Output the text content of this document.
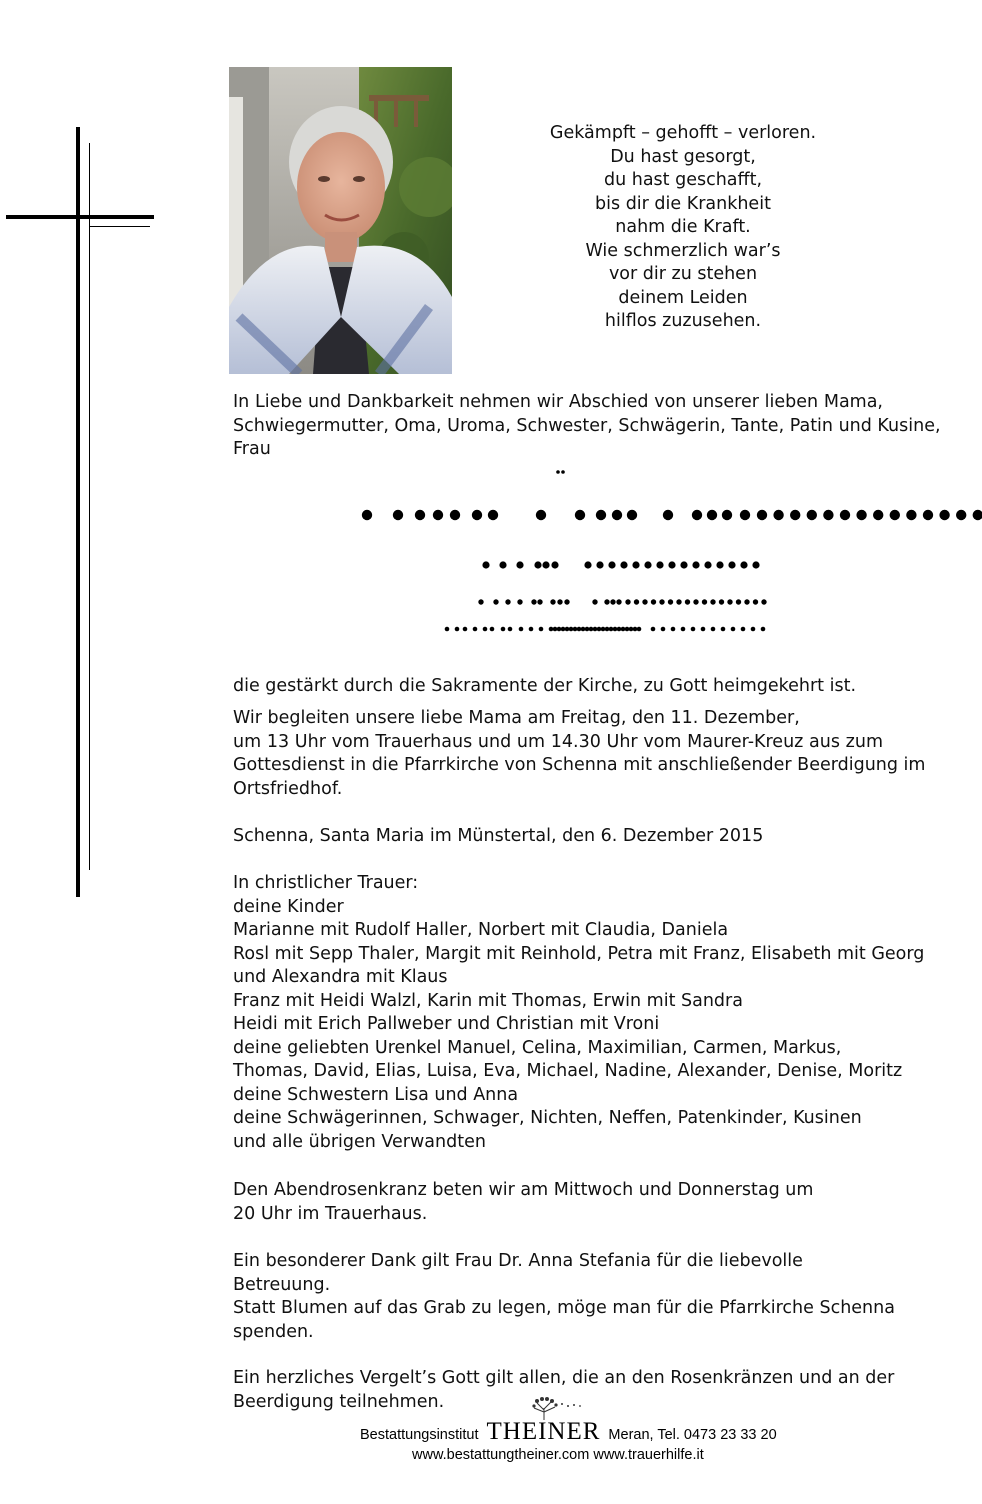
Gekämpft – gehofft – verloren.
Du hast gesorgt,
du hast geschafft,
bis dir die Krankheit
nahm die Kraft.
Wie schmerzlich war’s
vor dir zu stehen
deinem Leiden
hilflos zuzusehen.
In Liebe und Dankbarkeit nehmen wir Abschied von unserer lieben Mama,
Schwiegermutter, Oma, Uroma, Schwester, Schwägerin, Tante, Patin und Kusine,
Frau
die gestärkt durch die Sakramente der Kirche, zu Gott heimgekehrt ist.
Wir begleiten unsere liebe Mama am Freitag, den 11. Dezember,
um 13 Uhr vom Trauerhaus und um 14.30 Uhr vom Maurer-Kreuz aus zum
Gottesdienst in die Pfarrkirche von Schenna mit anschließender Beerdigung im
Ortsfriedhof.
Schenna, Santa Maria im Münstertal, den 6. Dezember 2015
In christlicher Trauer:
deine Kinder
Marianne mit Rudolf Haller, Norbert mit Claudia, Daniela
Rosl mit Sepp Thaler, Margit mit Reinhold, Petra mit Franz, Elisabeth mit Georg
und Alexandra mit Klaus
Franz mit Heidi Walzl, Karin mit Thomas, Erwin mit Sandra
Heidi mit Erich Pallweber und Christian mit Vroni
deine geliebten Urenkel Manuel, Celina, Maximilian, Carmen, Markus,
Thomas, David, Elias, Luisa, Eva, Michael, Nadine, Alexander, Denise, Moritz
deine Schwestern Lisa und Anna
deine Schwägerinnen, Schwager, Nichten, Neffen, Patenkinder, Kusinen
und alle übrigen Verwandten
Den Abendrosenkranz beten wir am Mittwoch und Donnerstag um
20 Uhr im Trauerhaus.
Ein besonderer Dank gilt Frau Dr. Anna Stefania für die liebevolle Betreuung.
Statt Blumen auf das Grab zu legen, möge man für die Pfarrkirche Schenna
spenden.
Ein herzliches Vergelt’s Gott gilt allen, die an den Rosenkränzen und an der
Beerdigung teilnehmen.
Bestattungsinstitut THEINER Meran, Tel. 0473 23 33 20
www.bestattungtheiner.com www.trauerhilfe.it
